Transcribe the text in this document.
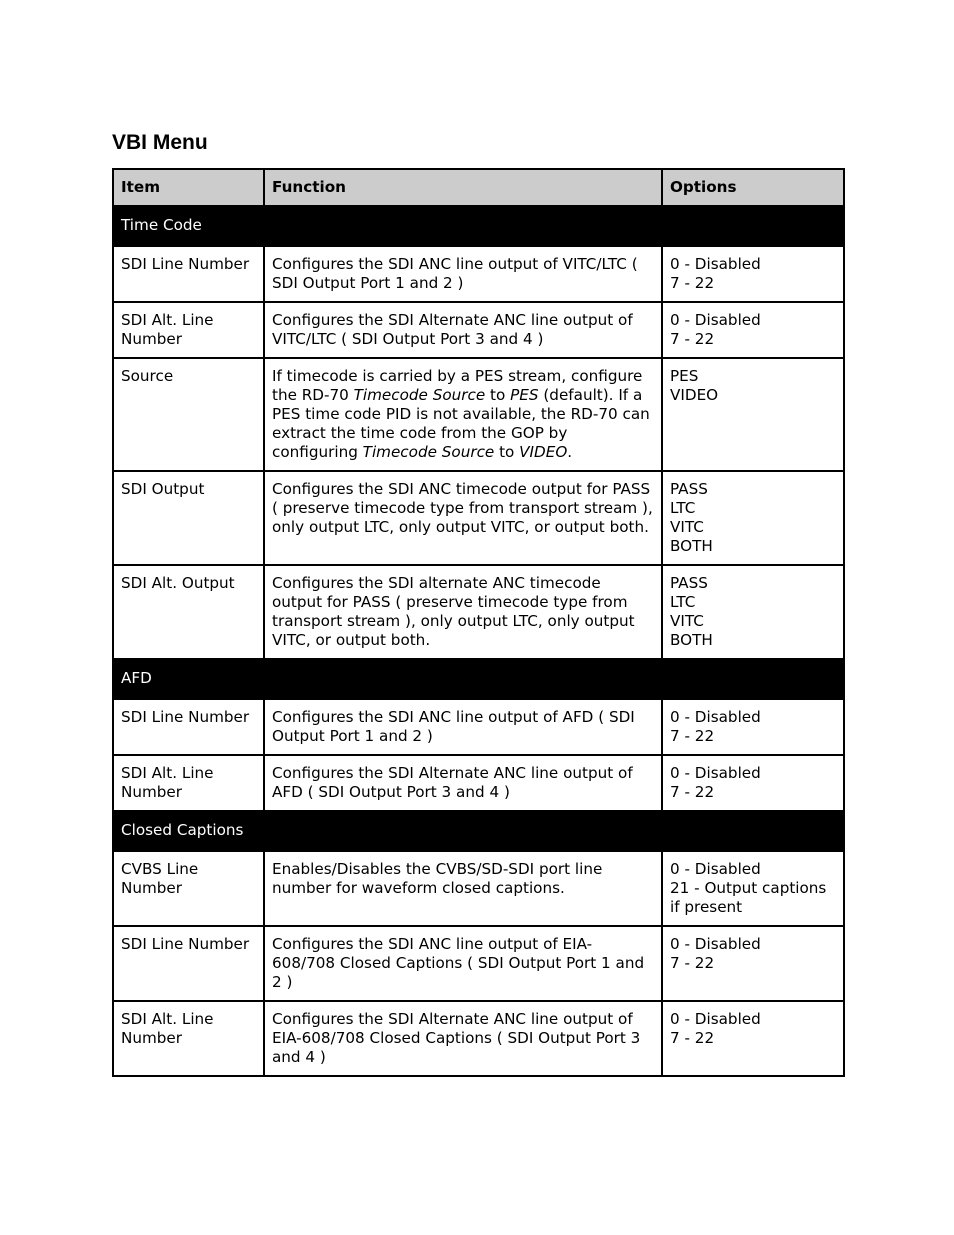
VBI Menu
Item	Function	Options
Time Code		
SDI Line Number	Configures the SDI ANC line output of VITC/LTC ( SDI Output Port 1 and 2 )	0 - Disabled
7 - 22

SDI Alt. Line Number	Configures the SDI Alternate ANC line output of VITC/LTC ( SDI Output Port 3 and 4 )	0 - Disabled
7 - 22

Source	If timecode is carried by a PES stream, configure the RD-70 Timecode Source to PES (default). If a PES time code PID is not available, the RD-70 can extract the time code from the GOP by configuring Timecode Source to VIDEO.	PES
VIDEO

SDI Output	Configures the SDI ANC timecode output for PASS ( preserve timecode type from transport stream ), only output LTC, only output VITC, or output both.	PASS
LTC
VITC
BOTH

SDI Alt. Output	Configures the SDI alternate ANC timecode output for PASS ( preserve timecode type from transport stream ), only output LTC, only output VITC, or output both.	PASS
LTC
VITC
BOTH

AFD		
SDI Line Number	Configures the SDI ANC line output of AFD ( SDI Output Port 1 and 2 )	0 - Disabled
7 - 22

SDI Alt. Line Number	Configures the SDI Alternate ANC line output of AFD ( SDI Output Port 3 and 4 )	0 - Disabled
7 - 22

Closed Captions		
CVBS Line Number	Enables/Disables the CVBS/SD-SDI port line number for waveform closed captions.	0 - Disabled
21 - Output captions if present

SDI Line Number	Configures the SDI ANC line output of EIA-608/708 Closed Captions ( SDI Output Port 1 and 2 )	0 - Disabled
7 - 22

SDI Alt. Line Number	Configures the SDI Alternate ANC line output of EIA-608/708 Closed Captions ( SDI Output Port 3 and 4 )	0 - Disabled
7 - 22
